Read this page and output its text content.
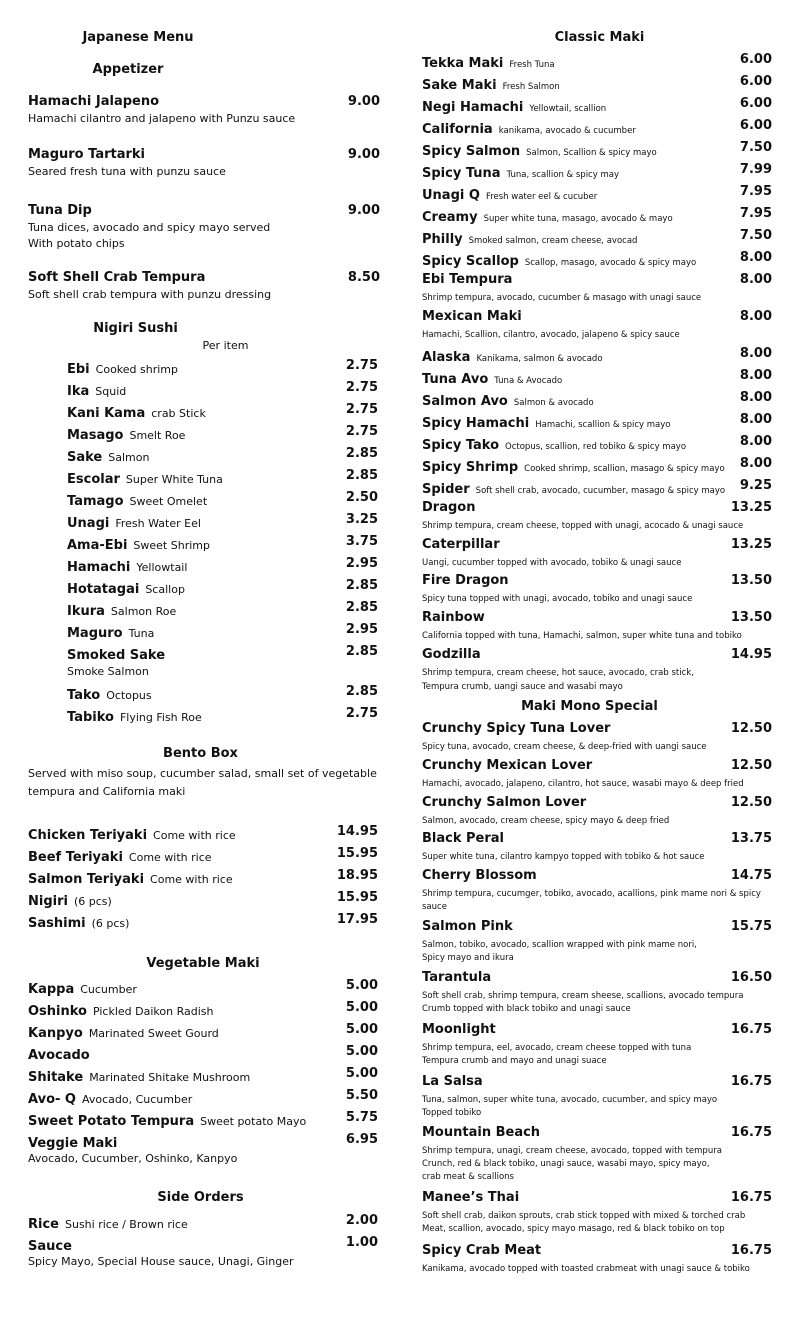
Japanese Menu
Appetizer
Hamachi Jalapeno	9.00
Hamachi cilantro and jalapeno with Punzu sauce
Maguro Tartarki	9.00
Seared fresh tuna with punzu sauce
Tuna Dip	9.00
Tuna dices, avocado and spicy mayo served
With potato chips
Soft Shell Crab Tempura	8.50
Soft shell crab tempura with punzu dressing
Nigiri Sushi
Per item
Ebi Cooked shrimp	2.75
Ika Squid	2.75
Kani Kama crab Stick	2.75
Masago Smelt Roe	2.75
Sake Salmon	2.85
Escolar Super White Tuna	2.85
Tamago Sweet Omelet	2.50
Unagi Fresh Water Eel	3.25
Ama-Ebi Sweet Shrimp	3.75
Hamachi Yellowtail	2.95
Hotatagai Scallop	2.85
Ikura Salmon Roe	2.85
Maguro Tuna	2.95
Smoked Sake	2.85
Smoke Salmon
Tako Octopus	2.85
Tabiko Flying Fish Roe	2.75
Bento Box
Served with miso soup, cucumber salad, small set of vegetable
tempura and California maki
Chicken Teriyaki Come with rice	14.95
Beef Teriyaki Come with rice	15.95
Salmon Teriyaki Come with rice	18.95
Nigiri (6 pcs)	15.95
Sashimi (6 pcs)	17.95
Vegetable Maki
Kappa Cucumber	5.00
Oshinko Pickled Daikon Radish	5.00
Kanpyo Marinated Sweet Gourd	5.00
Avocado	5.00
Shitake Marinated Shitake Mushroom	5.00
Avo- Q Avocado, Cucumber	5.50
Sweet Potato Tempura Sweet potato Mayo	5.75
Veggie Maki	6.95
Avocado, Cucumber, Oshinko, Kanpyo
Side Orders
Rice Sushi rice / Brown rice	2.00
Sauce	1.00
Spicy Mayo, Special House sauce, Unagi, Ginger
Classic Maki
Tekka Maki Fresh Tuna	6.00
Sake Maki Fresh Salmon	6.00
Negi Hamachi Yellowtail, scallion	6.00
California kanikama, avocado & cucumber	6.00
Spicy Salmon Salmon, Scallion & spicy mayo	7.50
Spicy Tuna Tuna, scallion & spicy may	7.99
Unagi Q Fresh water eel & cucuber	7.95
Creamy Super white tuna, masago, avocado & mayo	7.95
Philly Smoked salmon, cream cheese, avocad	7.50
Spicy Scallop Scallop, masago, avocado & spicy mayo	8.00
Ebi Tempura	8.00
Shrimp tempura, avocado, cucumber & masago with unagi sauce
Mexican Maki	8.00
Hamachi, Scallion, cilantro, avocado, jalapeno & spicy sauce
Alaska Kanikama, salmon & avocado	8.00
Tuna Avo Tuna & Avocado	8.00
Salmon Avo Salmon & avocado	8.00
Spicy Hamachi Hamachi, scallion & spicy mayo	8.00
Spicy Tako Octopus, scallion, red tobiko & spicy mayo	8.00
Spicy Shrimp Cooked shrimp, scallion, masago & spicy mayo	8.00
Spider Soft shell crab, avocado, cucumber, masago & spicy mayo	9.25
Dragon	13.25
Shrimp tempura, cream cheese, topped with unagi, acocado & unagi sauce
Caterpillar	13.25
Uangi, cucumber topped with avocado, tobiko & unagi sauce
Fire Dragon	13.50
Spicy tuna topped with unagi, avocado, tobiko and unagi sauce
Rainbow	13.50
California topped with tuna, Hamachi, salmon, super white tuna and tobiko
Godzilla	14.95
Shrimp tempura, cream cheese, hot sauce, avocado, crab stick,
Tempura crumb, uangi sauce and wasabi mayo
Maki Mono Special
Crunchy Spicy Tuna Lover	12.50
Spicy tuna, avocado, cream cheese, & deep-fried with uangi sauce
Crunchy Mexican Lover	12.50
Hamachi, avocado, jalapeno, cilantro, hot sauce, wasabi mayo & deep fried
Crunchy Salmon Lover	12.50
Salmon, avocado, cream cheese, spicy mayo & deep fried
Black Peral	13.75
Super white tuna, cilantro kampyo topped with tobiko & hot sauce
Cherry Blossom	14.75
Shrimp tempura, cucumger, tobiko, avocado, acallions, pink mame nori & spicy
sauce
Salmon Pink	15.75
Salmon, tobiko, avocado, scallion wrapped with pink mame nori,
Spicy mayo and ikura
Tarantula	16.50
Soft shell crab, shrimp tempura, cream sheese, scallions, avocado tempura
Crumb topped with black tobiko and unagi sauce
Moonlight	16.75
Shrimp tempura, eel, avocado, cream cheese topped with tuna
Tempura crumb and mayo and unagi suace
La Salsa	16.75
Tuna, salmon, super white tuna, avocado, cucumber, and spicy mayo
Topped tobiko
Mountain Beach	16.75
Shrimp tempura, unagi, cream cheese, avocado, topped with tempura
Crunch, red & black tobiko, unagi sauce, wasabi mayo, spicy mayo,
crab meat & scallions
Manee’s Thai	16.75
Soft shell crab, daikon sprouts, crab stick topped with mixed & torched crab
Meat, scallion, avocado, spicy mayo masago, red & black tobiko on top
Spicy Crab Meat	16.75
Kanikama, avocado topped with toasted crabmeat with unagi sauce & tobiko
